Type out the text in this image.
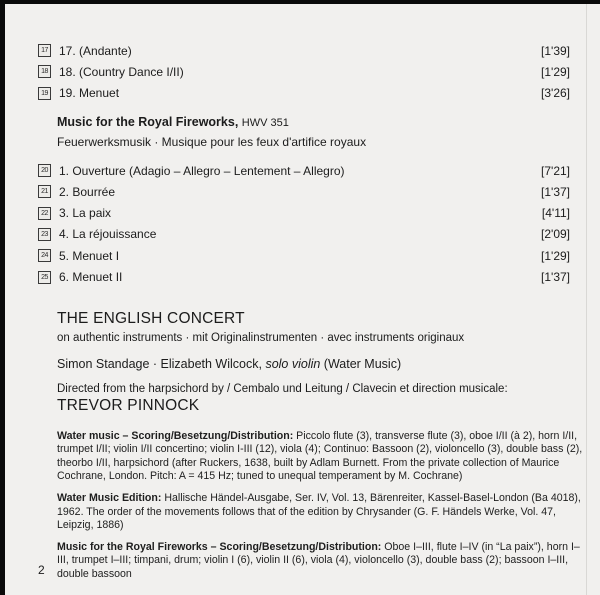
17 17. (Andante)	[1'39]
18 18. (Country Dance I/II)	[1'29]
19 19. Menuet	[3'26]
Music for the Royal Fireworks, HWV 351
Feuerwerksmusik · Musique pour les feux d'artifice royaux
20 1. Ouverture (Adagio – Allegro – Lentement – Allegro)	[7'21]
21 2. Bourrée	[1'37]
22 3. La paix	[4'11]
23 4. La réjouissance	[2'09]
24 5. Menuet I	[1'29]
25 6. Menuet II	[1'37]
THE ENGLISH CONCERT
on authentic instruments · mit Originalinstrumenten · avec instruments originaux
Simon Standage · Elizabeth Wilcock, solo violin (Water Music)
Directed from the harpsichord by / Cembalo und Leitung / Clavecin et direction musicale:
TREVOR PINNOCK

Water music – Scoring/Besetzung/Distribution: Piccolo flute (3), transverse flute (3), oboe I/II (à 2), horn I/II, trumpet I/II; violin I/II concertino; violin I-III (12), viola (4); Continuo: Bassoon (2), violoncello (3), double bass (2), theorbo I/II, harpsichord (after Ruckers, 1638, built by Adlam Burnett. From the private collection of Maurice Cochrane, London. Pitch: A = 415 Hz; tuned to unequal temperament by M. Cochrane)

Water Music Edition: Hallische Händel-Ausgabe, Ser. IV, Vol. 13, Bärenreiter, Kassel-Basel-London (Ba 4018), 1962. The order of the movements follows that of the edition by Chrysander (G. F. Händels Werke, Vol. 47, Leipzig, 1886)

Music for the Royal Fireworks – Scoring/Besetzung/Distribution: Oboe I–III, flute I–IV (in “La paix”), horn I–III, trumpet I–III; timpani, drum; violin I (6), violin II (6), viola (4), violoncello (3), double bass (2); bassoon I–III, double bassoon

2
